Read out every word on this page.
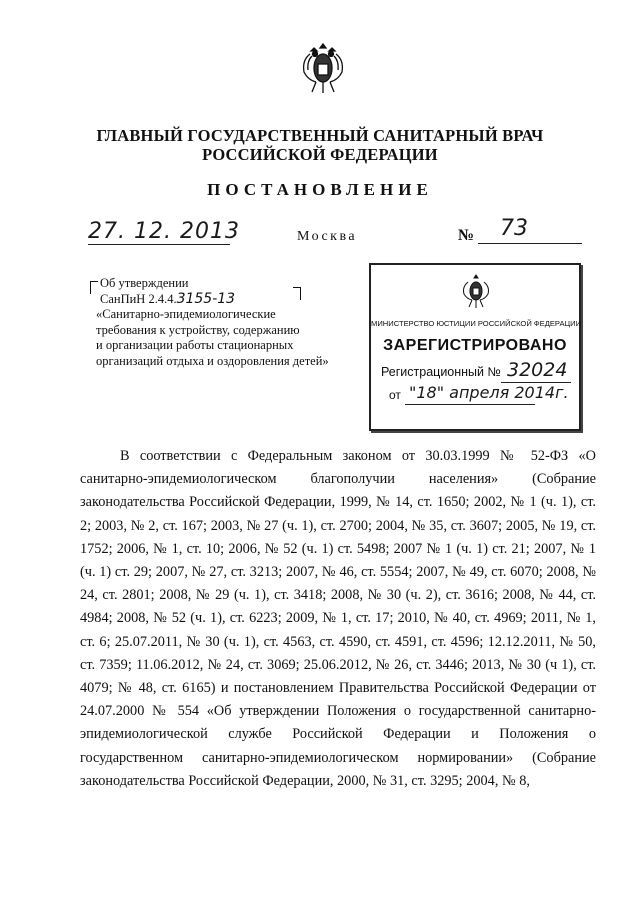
ГЛАВНЫЙ ГОСУДАРСТВЕННЫЙ САНИТАРНЫЙ ВРАЧ
РОССИЙСКОЙ ФЕДЕРАЦИИ
ПОСТАНОВЛЕНИЕ
27. 12. 2013	Москва	№ 73
Об утверждении
СанПиН 2.4.4.3155-13
«Санитарно-эпидемиологические
требования к устройству, содержанию
и организации работы стационарных
организаций отдыха и оздоровления детей»
МИНИСТЕРСТВО ЮСТИЦИИ РОССИЙСКОЙ ФЕДЕРАЦИИ
ЗАРЕГИСТРИРОВАНО
Регистрационный № 32024
от "18" апреля 2014г.
В соответствии с Федеральным законом от 30.03.1999 № 52-ФЗ «О санитарно-эпидемиологическом благополучии населения» (Собрание законодательства Российской Федерации, 1999, № 14, ст. 1650; 2002, № 1 (ч. 1), ст. 2; 2003, № 2, ст. 167; 2003, № 27 (ч. 1), ст. 2700; 2004, № 35, ст. 3607; 2005, № 19, ст. 1752; 2006, № 1, ст. 10; 2006, № 52 (ч. 1) ст. 5498; 2007 № 1 (ч. 1) ст. 21; 2007, № 1 (ч. 1) ст. 29; 2007, № 27, ст. 3213; 2007, № 46, ст. 5554; 2007, № 49, ст. 6070; 2008, № 24, ст. 2801; 2008, № 29 (ч. 1), ст. 3418; 2008, № 30 (ч. 2), ст. 3616; 2008, № 44, ст. 4984; 2008, № 52 (ч. 1), ст. 6223; 2009, № 1, ст. 17; 2010, № 40, ст. 4969; 2011, № 1, ст. 6; 25.07.2011, № 30 (ч. 1), ст. 4563, ст. 4590, ст. 4591, ст. 4596; 12.12.2011, № 50, ст. 7359; 11.06.2012, № 24, ст. 3069; 25.06.2012, № 26, ст. 3446; 2013, № 30 (ч 1), ст. 4079; № 48, ст. 6165) и постановлением Правительства Российской Федерации от 24.07.2000 № 554 «Об утверждении Положения о государственной санитарно-эпидемиологической службе Российской Федерации и Положения о государственном санитарно-эпидемиологическом нормировании» (Собрание законодательства Российской Федерации, 2000, № 31, ст. 3295; 2004, № 8,
